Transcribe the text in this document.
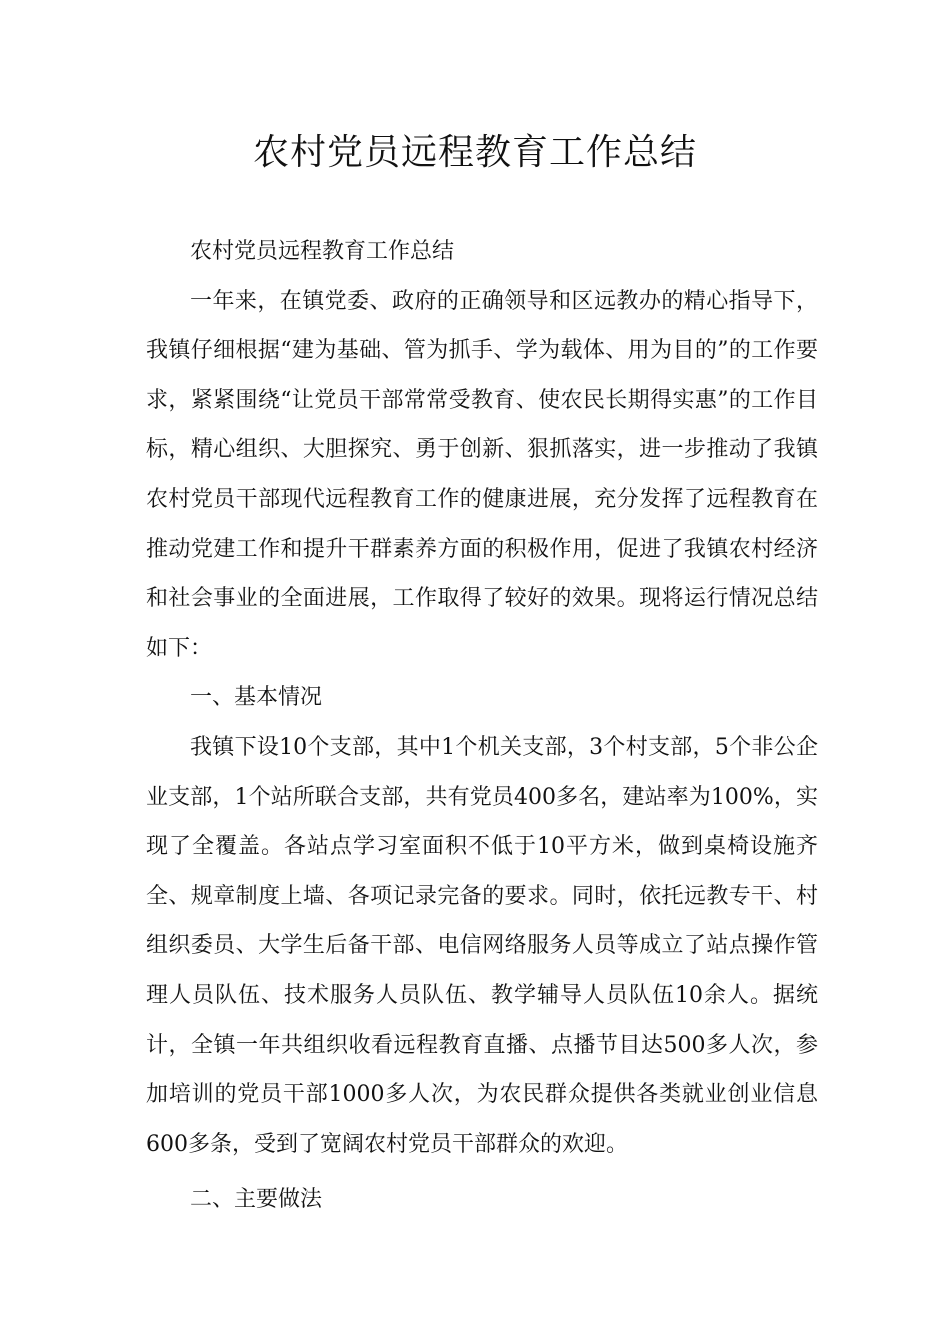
农村党员远程教育工作总结

农村党员远程教育工作总结

一年来，在镇党委、政府的正确领导和区远教办的精心指导下，我镇仔细根据“建为基础、管为抓手、学为载体、用为目的”的工作要求，紧紧围绕“让党员干部常常受教育、使农民长期得实惠”的工作目标，精心组织、大胆探究、勇于创新、狠抓落实，进一步推动了我镇农村党员干部现代远程教育工作的健康进展，充分发挥了远程教育在推动党建工作和提升干群素养方面的积极作用，促进了我镇农村经济和社会事业的全面进展，工作取得了较好的效果。现将运行情况总结如下：

一、基本情况

我镇下设10个支部，其中1个机关支部，3个村支部，5个非公企业支部，1个站所联合支部，共有党员400多名，建站率为100%，实现了全覆盖。各站点学习室面积不低于10平方米，做到桌椅设施齐全、规章制度上墙、各项记录完备的要求。同时，依托远教专干、村组织委员、大学生后备干部、电信网络服务人员等成立了站点操作管理人员队伍、技术服务人员队伍、教学辅导人员队伍10余人。据统计，全镇一年共组织收看远程教育直播、点播节目达500多人次，参加培训的党员干部1000多人次，为农民群众提供各类就业创业信息600多条，受到了宽阔农村党员干部群众的欢迎。

二、主要做法
